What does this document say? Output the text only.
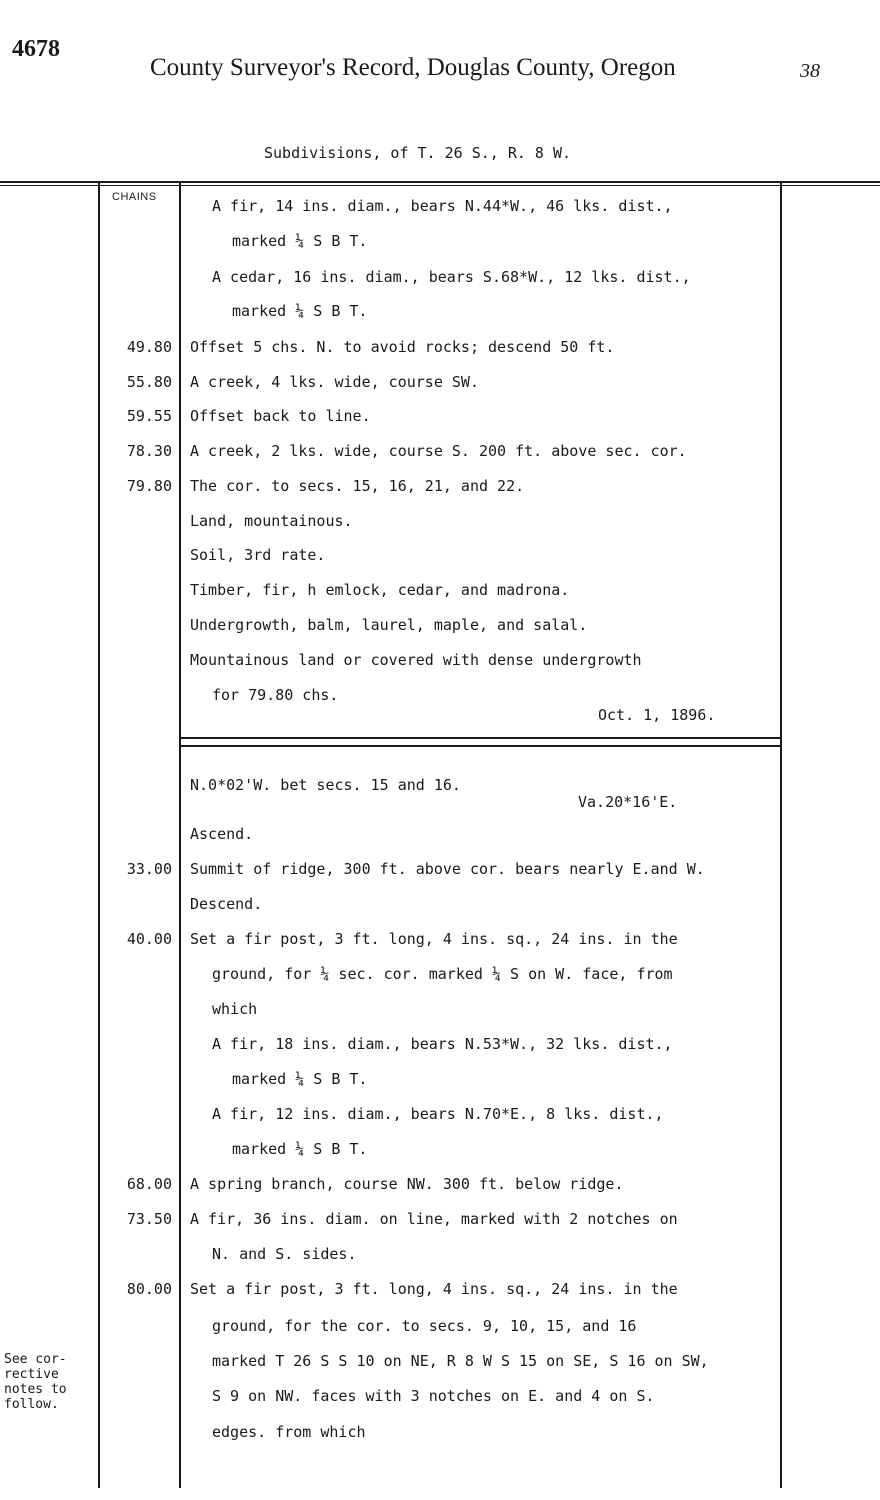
4678
County Surveyor's Record, Douglas County, Oregon	38
Subdivisions, of T. 26 S., R. 8 W.
CHAINS
49.80
55.80
59.55
78.30
79.80
A fir, 14 ins. diam., bears N.44*W., 46 lks. dist.,
marked ¼ S B T.
A cedar, 16 ins. diam., bears S.68*W., 12 lks. dist.,
marked ¼ S B T.
Offset 5 chs. N. to avoid rocks; descend 50 ft.
A creek, 4 lks. wide, course SW.
Offset back to line.
A creek, 2 lks. wide, course S. 200 ft. above sec. cor.
The cor. to secs. 15, 16, 21, and 22.
Land, mountainous.
Soil, 3rd rate.
Timber, fir, h emlock, cedar, and madrona.
Undergrowth, balm, laurel, maple, and salal.
Mountainous land or covered with dense undergrowth
for 79.80 chs.
Oct. 1, 1896.
N.0*02'W. bet secs. 15 and 16.
Va.20*16'E.
33.00
40.00
68.00
73.50
80.00
Ascend.
Summit of ridge, 300 ft. above cor. bears nearly E.and W.
Descend.
Set a fir post, 3 ft. long, 4 ins. sq., 24 ins. in the
ground, for ¼ sec. cor. marked ¼ S on W. face, from
which
A fir, 18 ins. diam., bears N.53*W., 32 lks. dist.,
marked ¼ S B T.
A fir, 12 ins. diam., bears N.70*E., 8 lks. dist.,
marked ¼ S B T.
A spring branch, course NW. 300 ft. below ridge.
A fir, 36 ins. diam. on line, marked with 2 notches on
N. and S. sides.
Set a fir post, 3 ft. long, 4 ins. sq., 24 ins. in the
ground, for the cor. to secs. 9, 10, 15, and 16
marked T 26 S S 10 on NE, R 8 W S 15 on SE, S 16 on SW,
S 9 on NW. faces with 3 notches on E. and 4 on S.
edges. from which
See cor-
rective
notes to
follow.
